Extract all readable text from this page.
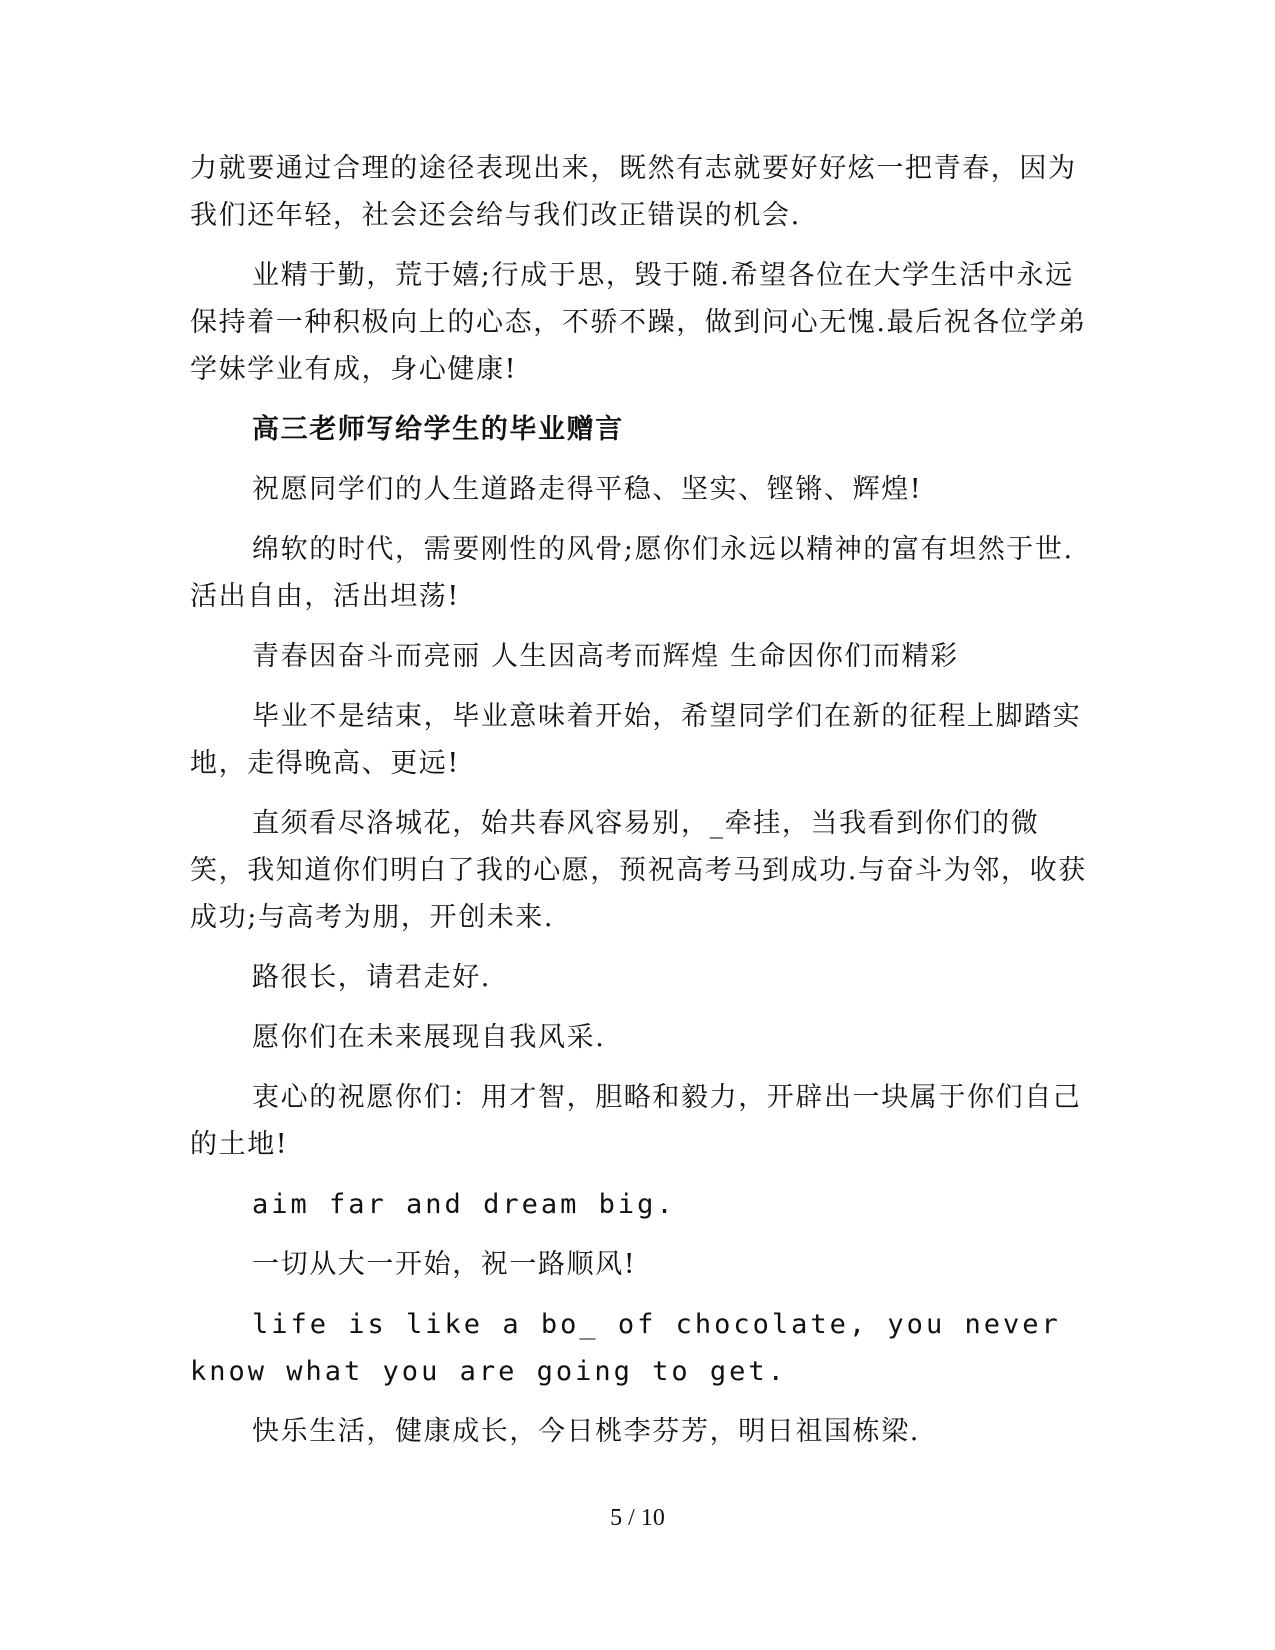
力就要通过合理的途径表现出来，既然有志就要好好炫一把青春，因为我们还年轻，社会还会给与我们改正错误的机会.

业精于勤，荒于嬉;行成于思，毁于随.希望各位在大学生活中永远保持着一种积极向上的心态，不骄不躁，做到问心无愧.最后祝各位学弟学妹学业有成，身心健康!

高三老师写给学生的毕业赠言

祝愿同学们的人生道路走得平稳、坚实、铿锵、辉煌!

绵软的时代，需要刚性的风骨;愿你们永远以精神的富有坦然于世.活出自由，活出坦荡!

青春因奋斗而亮丽 人生因高考而辉煌 生命因你们而精彩

毕业不是结束，毕业意味着开始，希望同学们在新的征程上脚踏实地，走得晚高、更远!

直须看尽洛城花，始共春风容易别，_牵挂，当我看到你们的微笑，我知道你们明白了我的心愿，预祝高考马到成功.与奋斗为邻，收获成功;与高考为朋，开创未来.

路很长，请君走好.

愿你们在未来展现自我风采.

衷心的祝愿你们：用才智，胆略和毅力，开辟出一块属于你们自己的土地!

aim far and dream big.

一切从大一开始，祝一路顺风!

life is like a bo_ of chocolate, you never know what you are going to get.

快乐生活，健康成长，今日桃李芬芳，明日祖国栋梁.

5 / 10
